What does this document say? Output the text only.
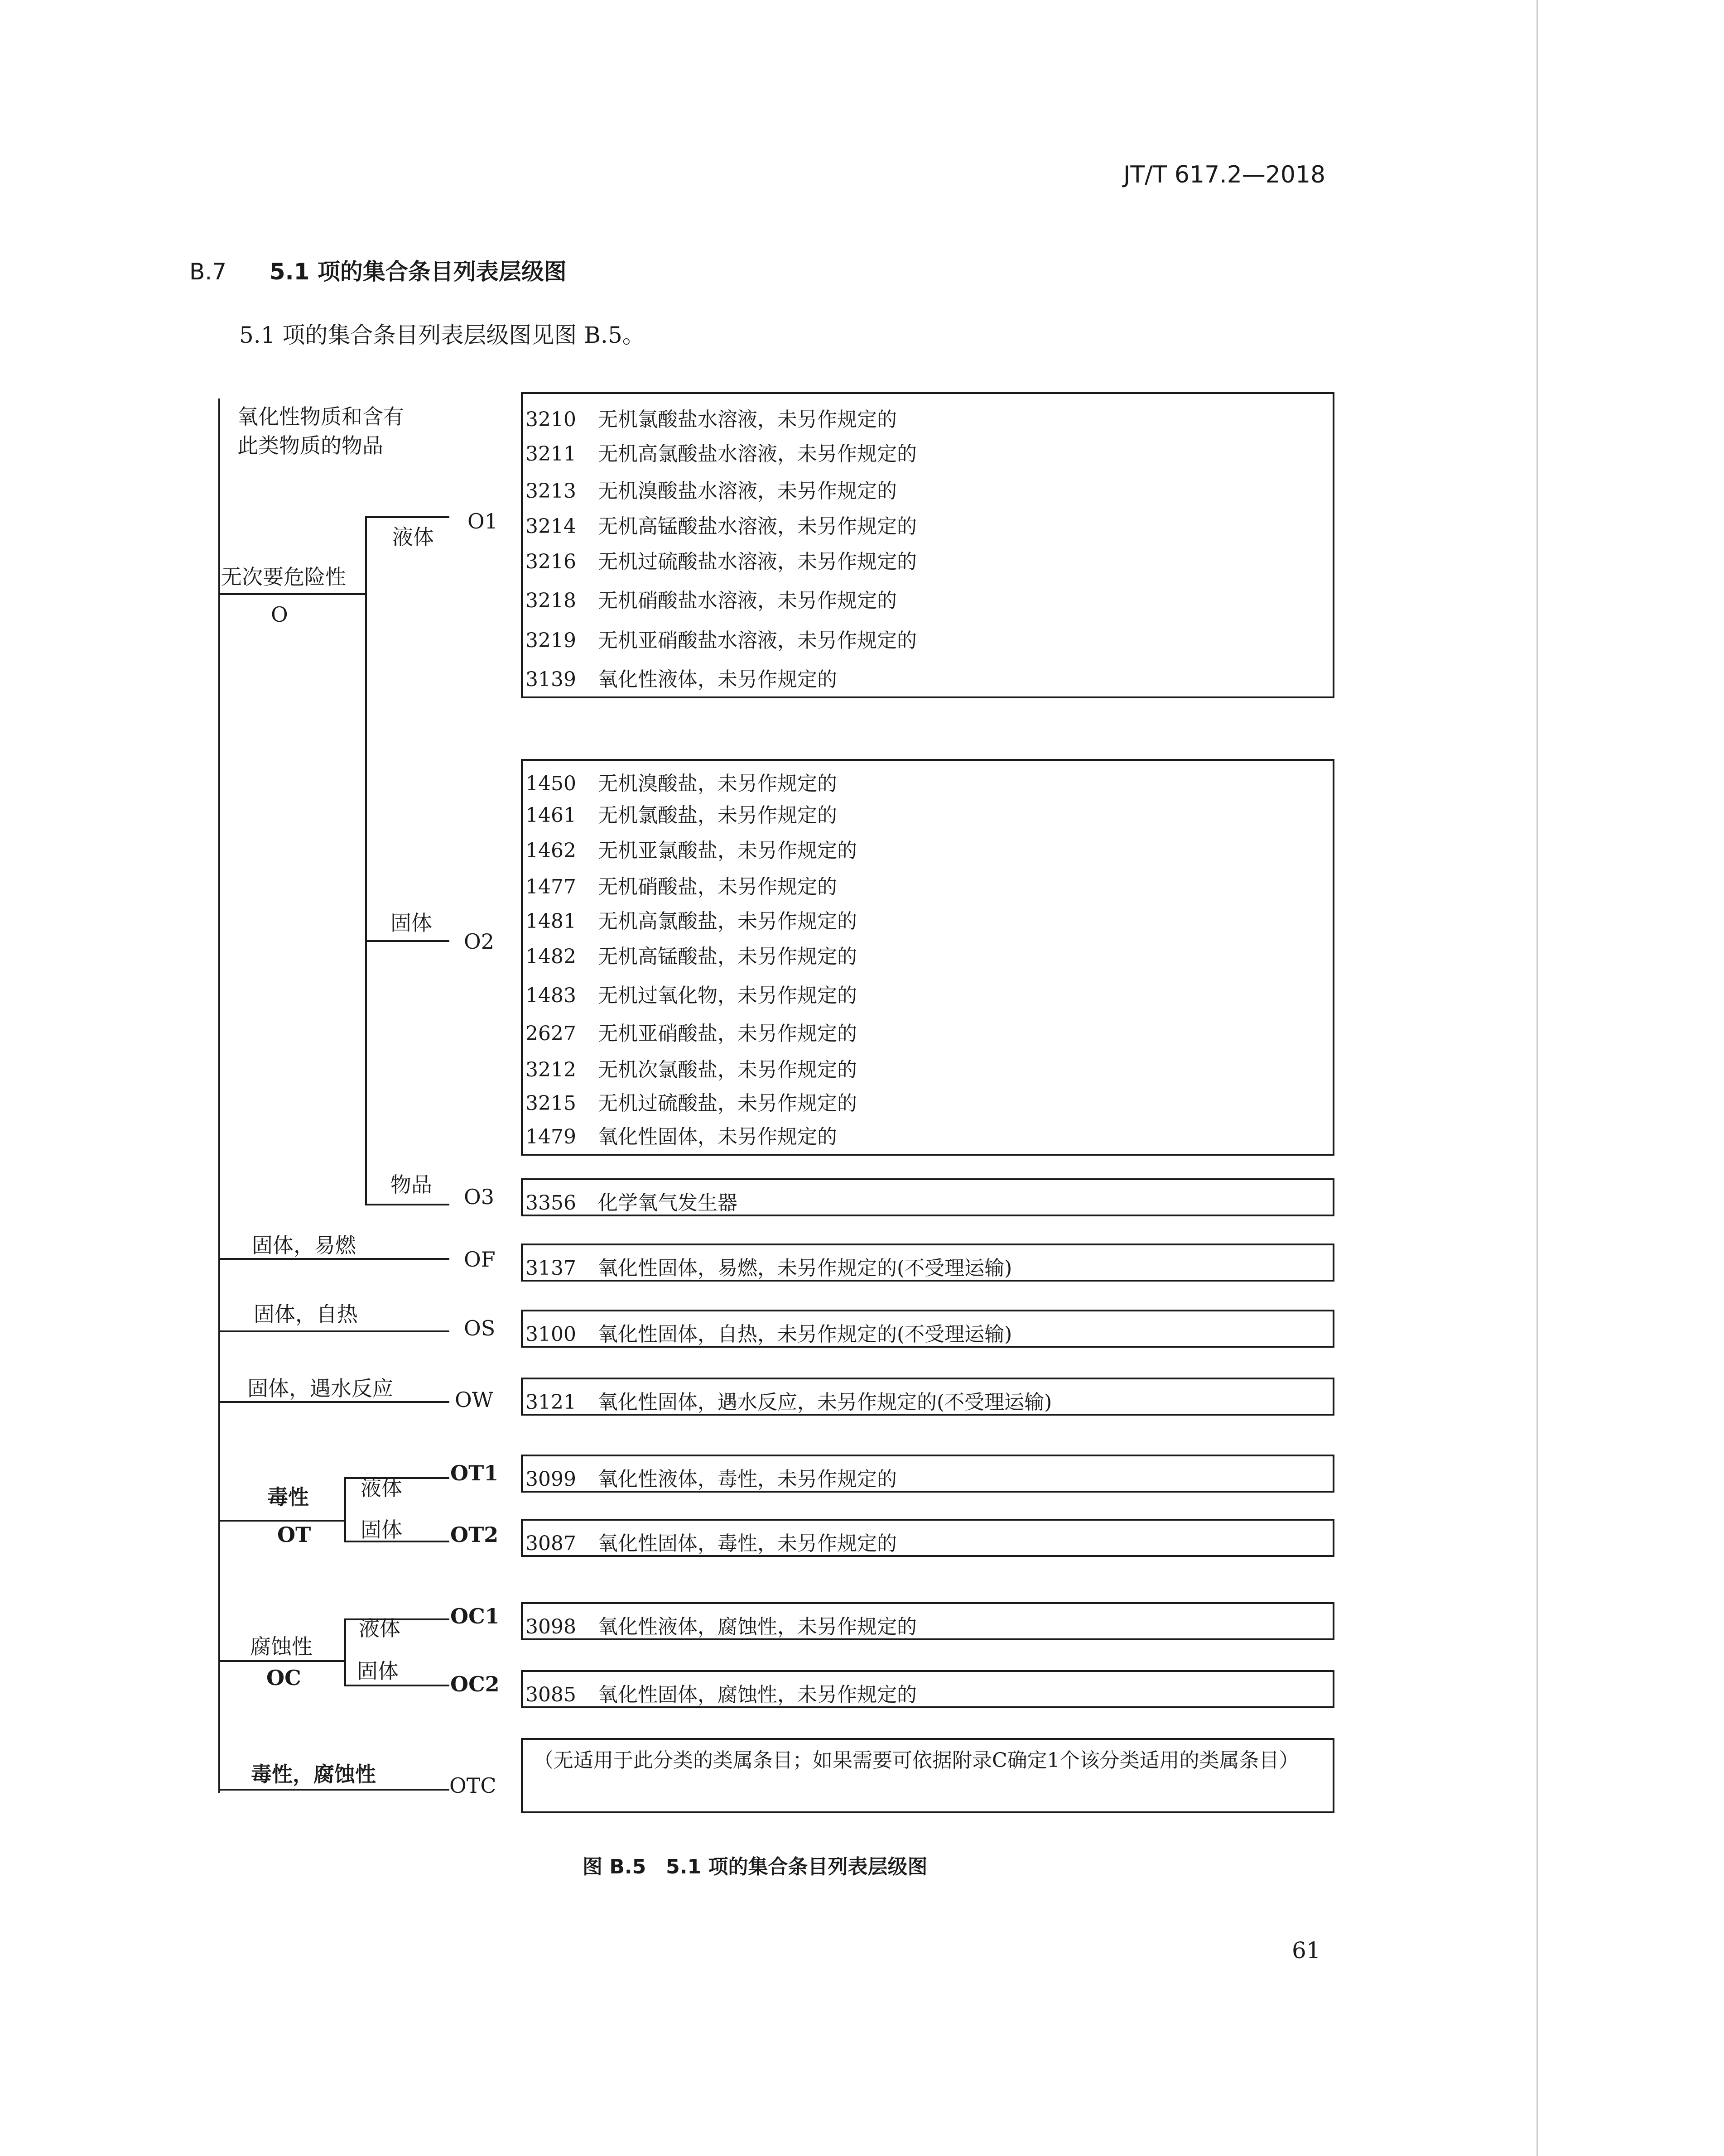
JT/T 617.2—2018
B.7 5.1 项的集合条目列表层级图
5.1 项的集合条目列表层级图见图 B.5。
氧化性物质和含有
此类物质的物品
无次要危险性
O
液体
固体
物品
O1
O2
O3
固体，易燃
OF
固体，自热
OS
固体，遇水反应	OW
毒性
OT
液体
固体
OT1
OT2
腐蚀性
OC
液体
固体
OC1
OC2
毒性，腐蚀性	OTC
3210 无机氯酸盐水溶液，未另作规定的
3211 无机高氯酸盐水溶液，未另作规定的
3213 无机溴酸盐水溶液，未另作规定的
3214 无机高锰酸盐水溶液，未另作规定的
3216 无机过硫酸盐水溶液，未另作规定的
3218 无机硝酸盐水溶液，未另作规定的
3219 无机亚硝酸盐水溶液，未另作规定的
3139 氧化性液体，未另作规定的
1450 无机溴酸盐，未另作规定的
1461 无机氯酸盐，未另作规定的
1462 无机亚氯酸盐，未另作规定的
1477 无机硝酸盐，未另作规定的
1481 无机高氯酸盐，未另作规定的
1482 无机高锰酸盐，未另作规定的
1483 无机过氧化物，未另作规定的
2627 无机亚硝酸盐，未另作规定的
3212 无机次氯酸盐，未另作规定的
3215 无机过硫酸盐，未另作规定的
1479 氧化性固体，未另作规定的
3356 化学氧气发生器
3137 氧化性固体，易燃，未另作规定的(不受理运输)
3100 氧化性固体，自热，未另作规定的(不受理运输)
3121 氧化性固体，遇水反应，未另作规定的(不受理运输)
3099 氧化性液体，毒性，未另作规定的
3087 氧化性固体，毒性，未另作规定的
3098 氧化性液体，腐蚀性，未另作规定的
3085 氧化性固体，腐蚀性，未另作规定的
（无适用于此分类的类属条目；如果需要可依据附录C确定1个该分类适用的类属条目）
图 B.5　5.1 项的集合条目列表层级图
61
